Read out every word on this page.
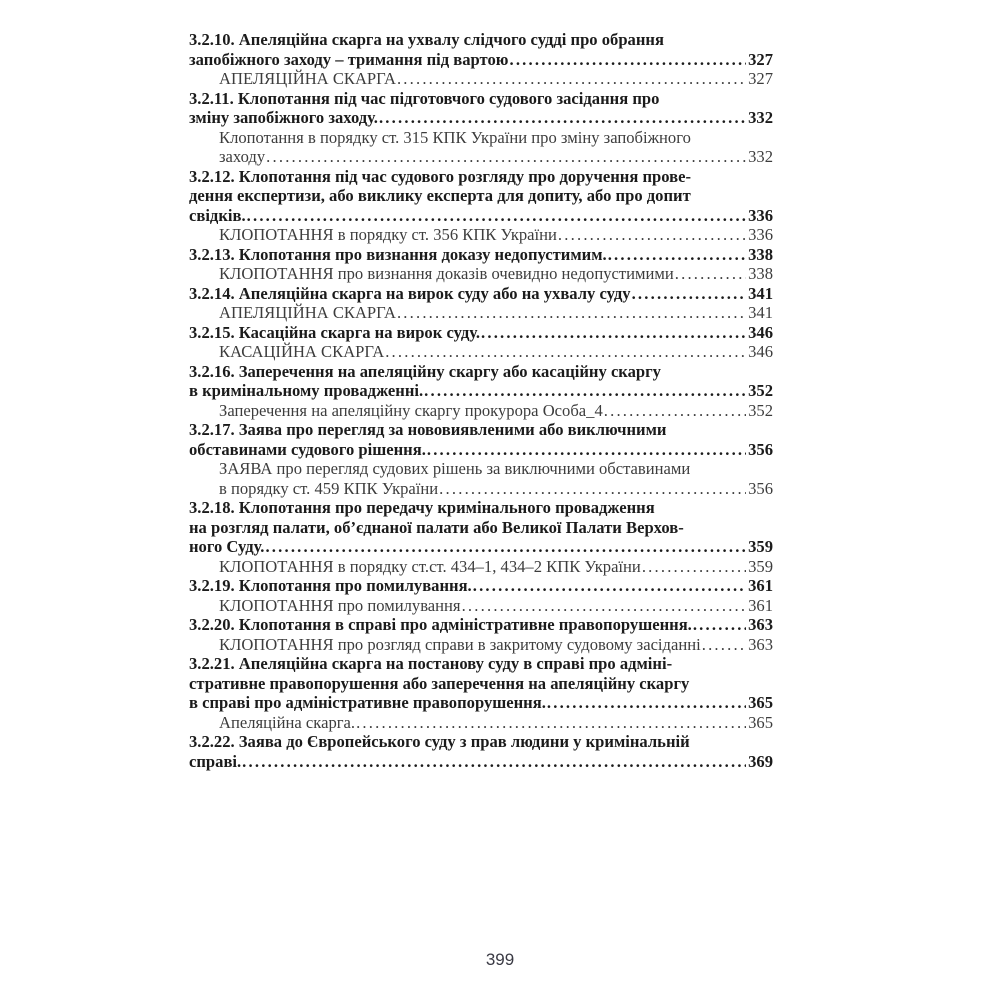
3.2.10. Апеляційна скарга на ухвалу слідчого судді про обрання
запобіжного заходу – тримання під вартою .....	327
АПЕЛЯЦІЙНА СКАРГА .....	327
3.2.11. Клопотання під час підготовчого судового засідання про
зміну запобіжного заходу. .....	332
Клопотання в порядку ст. 315 КПК України про зміну запобіжного
заходу .....	332
3.2.12. Клопотання під час судового розгляду про доручення прове-
дення експертизи, або виклику експерта для допиту, або про допит
свідків. .....	336
КЛОПОТАННЯ в порядку ст. 356 КПК України .....	336
3.2.13. Клопотання про визнання доказу недопустимим. .....	338
КЛОПОТАННЯ про визнання доказів очевидно недопустимими .....	338
3.2.14. Апеляційна скарга на вирок суду або на ухвалу суду .....	341
АПЕЛЯЦІЙНА СКАРГА .....	341
3.2.15. Касаційна скарга на вирок суду. .....	346
КАСАЦІЙНА СКАРГА .....	346
3.2.16. Заперечення на апеляційну скаргу або касаційну скаргу
в кримінальному провадженні. .....	352
Заперечення на апеляційну скаргу прокурора Особа_4 .....	352
3.2.17. Заява про перегляд за нововиявленими або виключними
обставинами судового рішення. .....	356
ЗАЯВА про перегляд судових рішень за виключними обставинами
в порядку ст. 459 КПК України .....	356
3.2.18. Клопотання про передачу кримінального провадження
на розгляд палати, об’єднаної палати або Великої Палати Верхов-
ного Суду. .....	359
КЛОПОТАННЯ в порядку ст.ст. 434–1, 434–2 КПК України .....	359
3.2.19. Клопотання про помилування. .....	361
КЛОПОТАННЯ про помилування .....	361
3.2.20. Клопотання в справі про адміністративне правопорушення. .....	363
КЛОПОТАННЯ про розгляд справи в закритому судовому засіданні .....	363
3.2.21. Апеляційна скарга на постанову суду в справі про адміні-
стративне правопорушення або заперечення на апеляційну скаргу
в справі про адміністративне правопорушення. .....	365
Апеляційна скарга. .....	365
3.2.22. Заява до Європейського суду з прав людини у кримінальній
справі. .....	369
399
